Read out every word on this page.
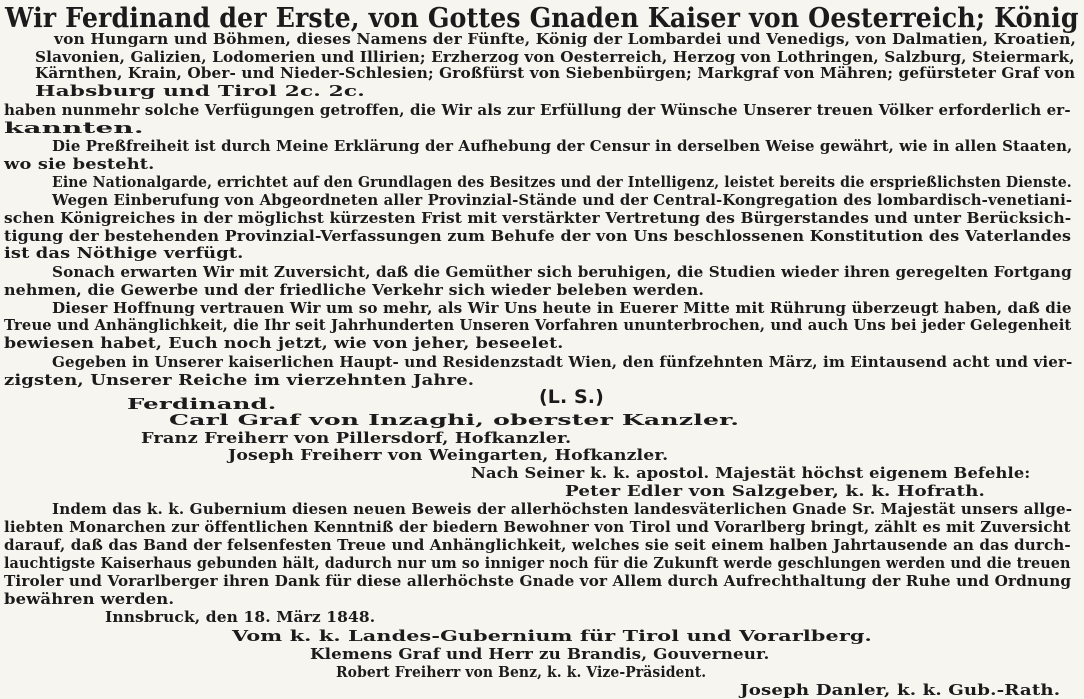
Wir Ferdinand der Erste, von Gottes Gnaden Kaiser von Oesterreich; König
von Hungarn und Böhmen, dieses Namens der Fünfte, König der Lombardei und Venedigs, von Dalmatien, Kroatien,
Slavonien, Galizien, Lodomerien und Illirien; Erzherzog von Oesterreich, Herzog von Lothringen, Salzburg, Steiermark,
Kärnthen, Krain, Ober- und Nieder-Schlesien; Großfürst von Siebenbürgen; Markgraf von Mähren; gefürsteter Graf von
Habsburg und Tirol 2c. 2c.
haben nunmehr solche Verfügungen getroffen, die Wir als zur Erfüllung der Wünsche Unserer treuen Völker erforderlich er-
kannten.
Die Preßfreiheit ist durch Meine Erklärung der Aufhebung der Censur in derselben Weise gewährt, wie in allen Staaten,
wo sie besteht.
Eine Nationalgarde, errichtet auf den Grundlagen des Besitzes und der Intelligenz, leistet bereits die ersprießlichsten Dienste.
Wegen Einberufung von Abgeordneten aller Provinzial-Stände und der Central-Kongregation des lombardisch-venetiani-
schen Königreiches in der möglichst kürzesten Frist mit verstärkter Vertretung des Bürgerstandes und unter Berücksich-
tigung der bestehenden Provinzial-Verfassungen zum Behufe der von Uns beschlossenen Konstitution des Vaterlandes
ist das Nöthige verfügt.
Sonach erwarten Wir mit Zuversicht, daß die Gemüther sich beruhigen, die Studien wieder ihren geregelten Fortgang
nehmen, die Gewerbe und der friedliche Verkehr sich wieder beleben werden.
Dieser Hoffnung vertrauen Wir um so mehr, als Wir Uns heute in Euerer Mitte mit Rührung überzeugt haben, daß die
Treue und Anhänglichkeit, die Ihr seit Jahrhunderten Unseren Vorfahren ununterbrochen, und auch Uns bei jeder Gelegenheit
bewiesen habet, Euch noch jetzt, wie von jeher, beseelet.
Gegeben in Unserer kaiserlichen Haupt- und Residenzstadt Wien, den fünfzehnten März, im Eintausend acht und vier-
zigsten, Unserer Reiche im vierzehnten Jahre.
Ferdinand.
Carl Graf von Inzaghi, oberster Kanzler.
Franz Freiherr von Pillersdorf, Hofkanzler.
Joseph Freiherr von Weingarten, Hofkanzler.
Nach Seiner k. k. apostol. Majestät höchst eigenem Befehle:
Peter Edler von Salzgeber, k. k. Hofrath.
Indem das k. k. Gubernium diesen neuen Beweis der allerhöchsten landesväterlichen Gnade Sr. Majestät unsers allge-
liebten Monarchen zur öffentlichen Kenntniß der biedern Bewohner von Tirol und Vorarlberg bringt, zählt es mit Zuversicht
darauf, daß das Band der felsenfesten Treue und Anhänglichkeit, welches sie seit einem halben Jahrtausende an das durch-
lauchtigste Kaiserhaus gebunden hält, dadurch nur um so inniger noch für die Zukunft werde geschlungen werden und die treuen
Tiroler und Vorarlberger ihren Dank für diese allerhöchste Gnade vor Allem durch Aufrechthaltung der Ruhe und Ordnung
bewähren werden.
Innsbruck, den 18. März 1848.
Vom k. k. Landes-Gubernium für Tirol und Vorarlberg.
Klemens Graf und Herr zu Brandis, Gouverneur.
Robert Freiherr von Benz, k. k. Vize-Präsident.
Joseph Danler, k. k. Gub.-Rath.
(L. S.)
